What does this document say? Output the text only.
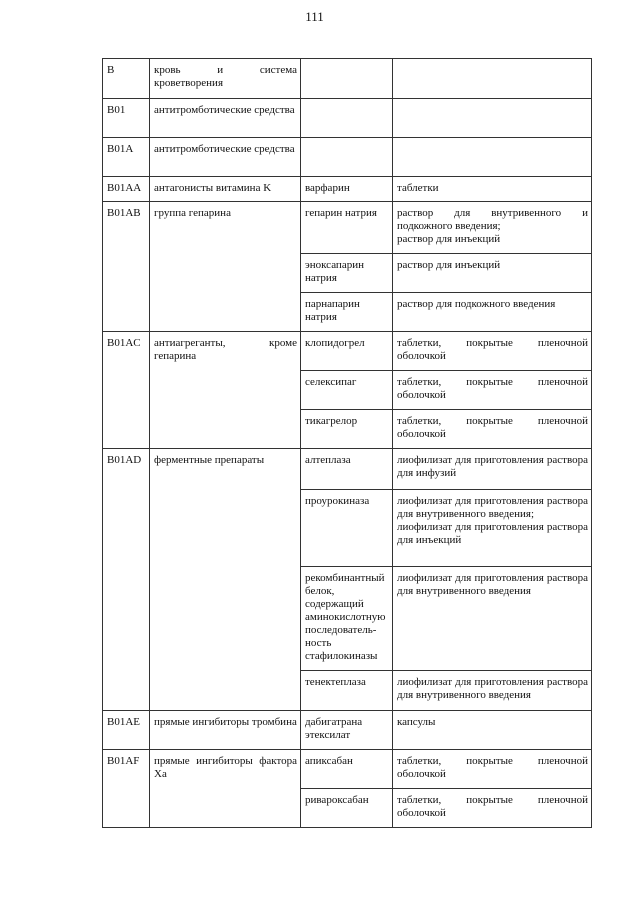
111
B	кровь и система кроветворения		
B01	антитромботические средства		
B01A	антитромботические средства		
B01AA	антагонисты витамина K	варфарин	таблетки

B01AB	группа гепарина	гепарин натрия	раствор для внутривенного и подкожного введения;
раствор для инъекций

		эноксапарин натрия	раствор для инъекций

		парнапарин натрия	раствор для подкожного введения

B01AC	антиагреганты, кроме гепарина	клопидогрел	таблетки, покрытые пленочной оболочкой

		селексипаг	таблетки, покрытые пленочной оболочкой

		тикагрелор	таблетки, покрытые пленочной оболочкой

B01AD	ферментные препараты	алтеплаза	лиофилизат для приготовления раствора для инфузий

		проурокиназа	лиофилизат для приготовления раствора для внутривенного введения;
лиофилизат для приготовления раствора для инъекций

		рекомбинантный белок, содержащий аминокислотную последователь-ность стафилокиназы	лиофилизат для приготовления раствора для внутривенного введения

		тенектеплаза	лиофилизат для приготовления раствора для внутривенного введения

B01AE	прямые ингибиторы тромбина	дабигатрана этексилат	капсулы

B01AF	прямые ингибиторы фактора Xa	апиксабан	таблетки, покрытые пленочной оболочкой

		ривароксабан	таблетки, покрытые пленочной оболочкой
